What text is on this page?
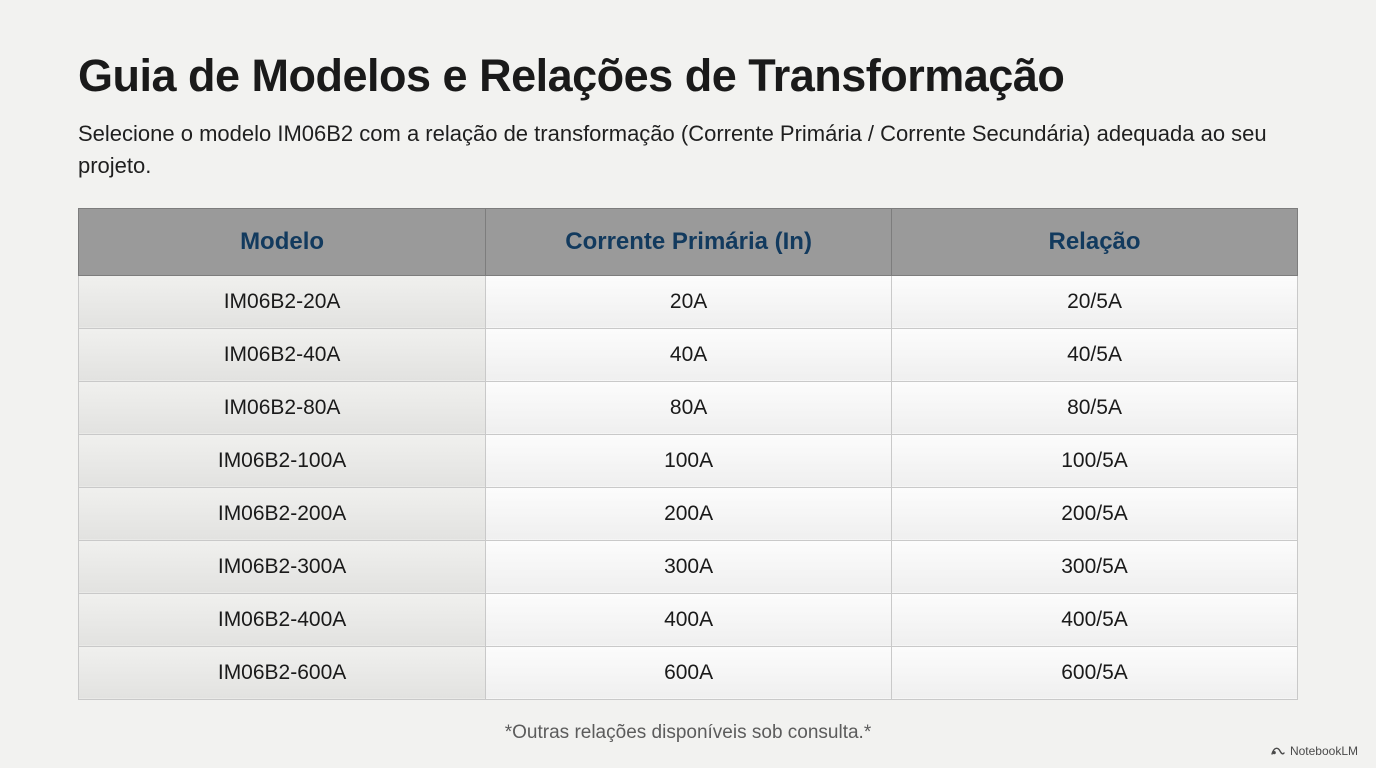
Guia de Modelos e Relações de Transformação

Selecione o modelo IM06B2 com a relação de transformação (Corrente Primária / Corrente Secundária) adequada ao seu projeto.

Modelo	Corrente Primária (In)	Relação
IM06B2-20A	20A	20/5A
IM06B2-40A	40A	40/5A
IM06B2-80A	80A	80/5A
IM06B2-100A	100A	100/5A
IM06B2-200A	200A	200/5A
IM06B2-300A	300A	300/5A
IM06B2-400A	400A	400/5A
IM06B2-600A	600A	600/5A
*Outras relações disponíveis sob consulta.*
NotebookLM
